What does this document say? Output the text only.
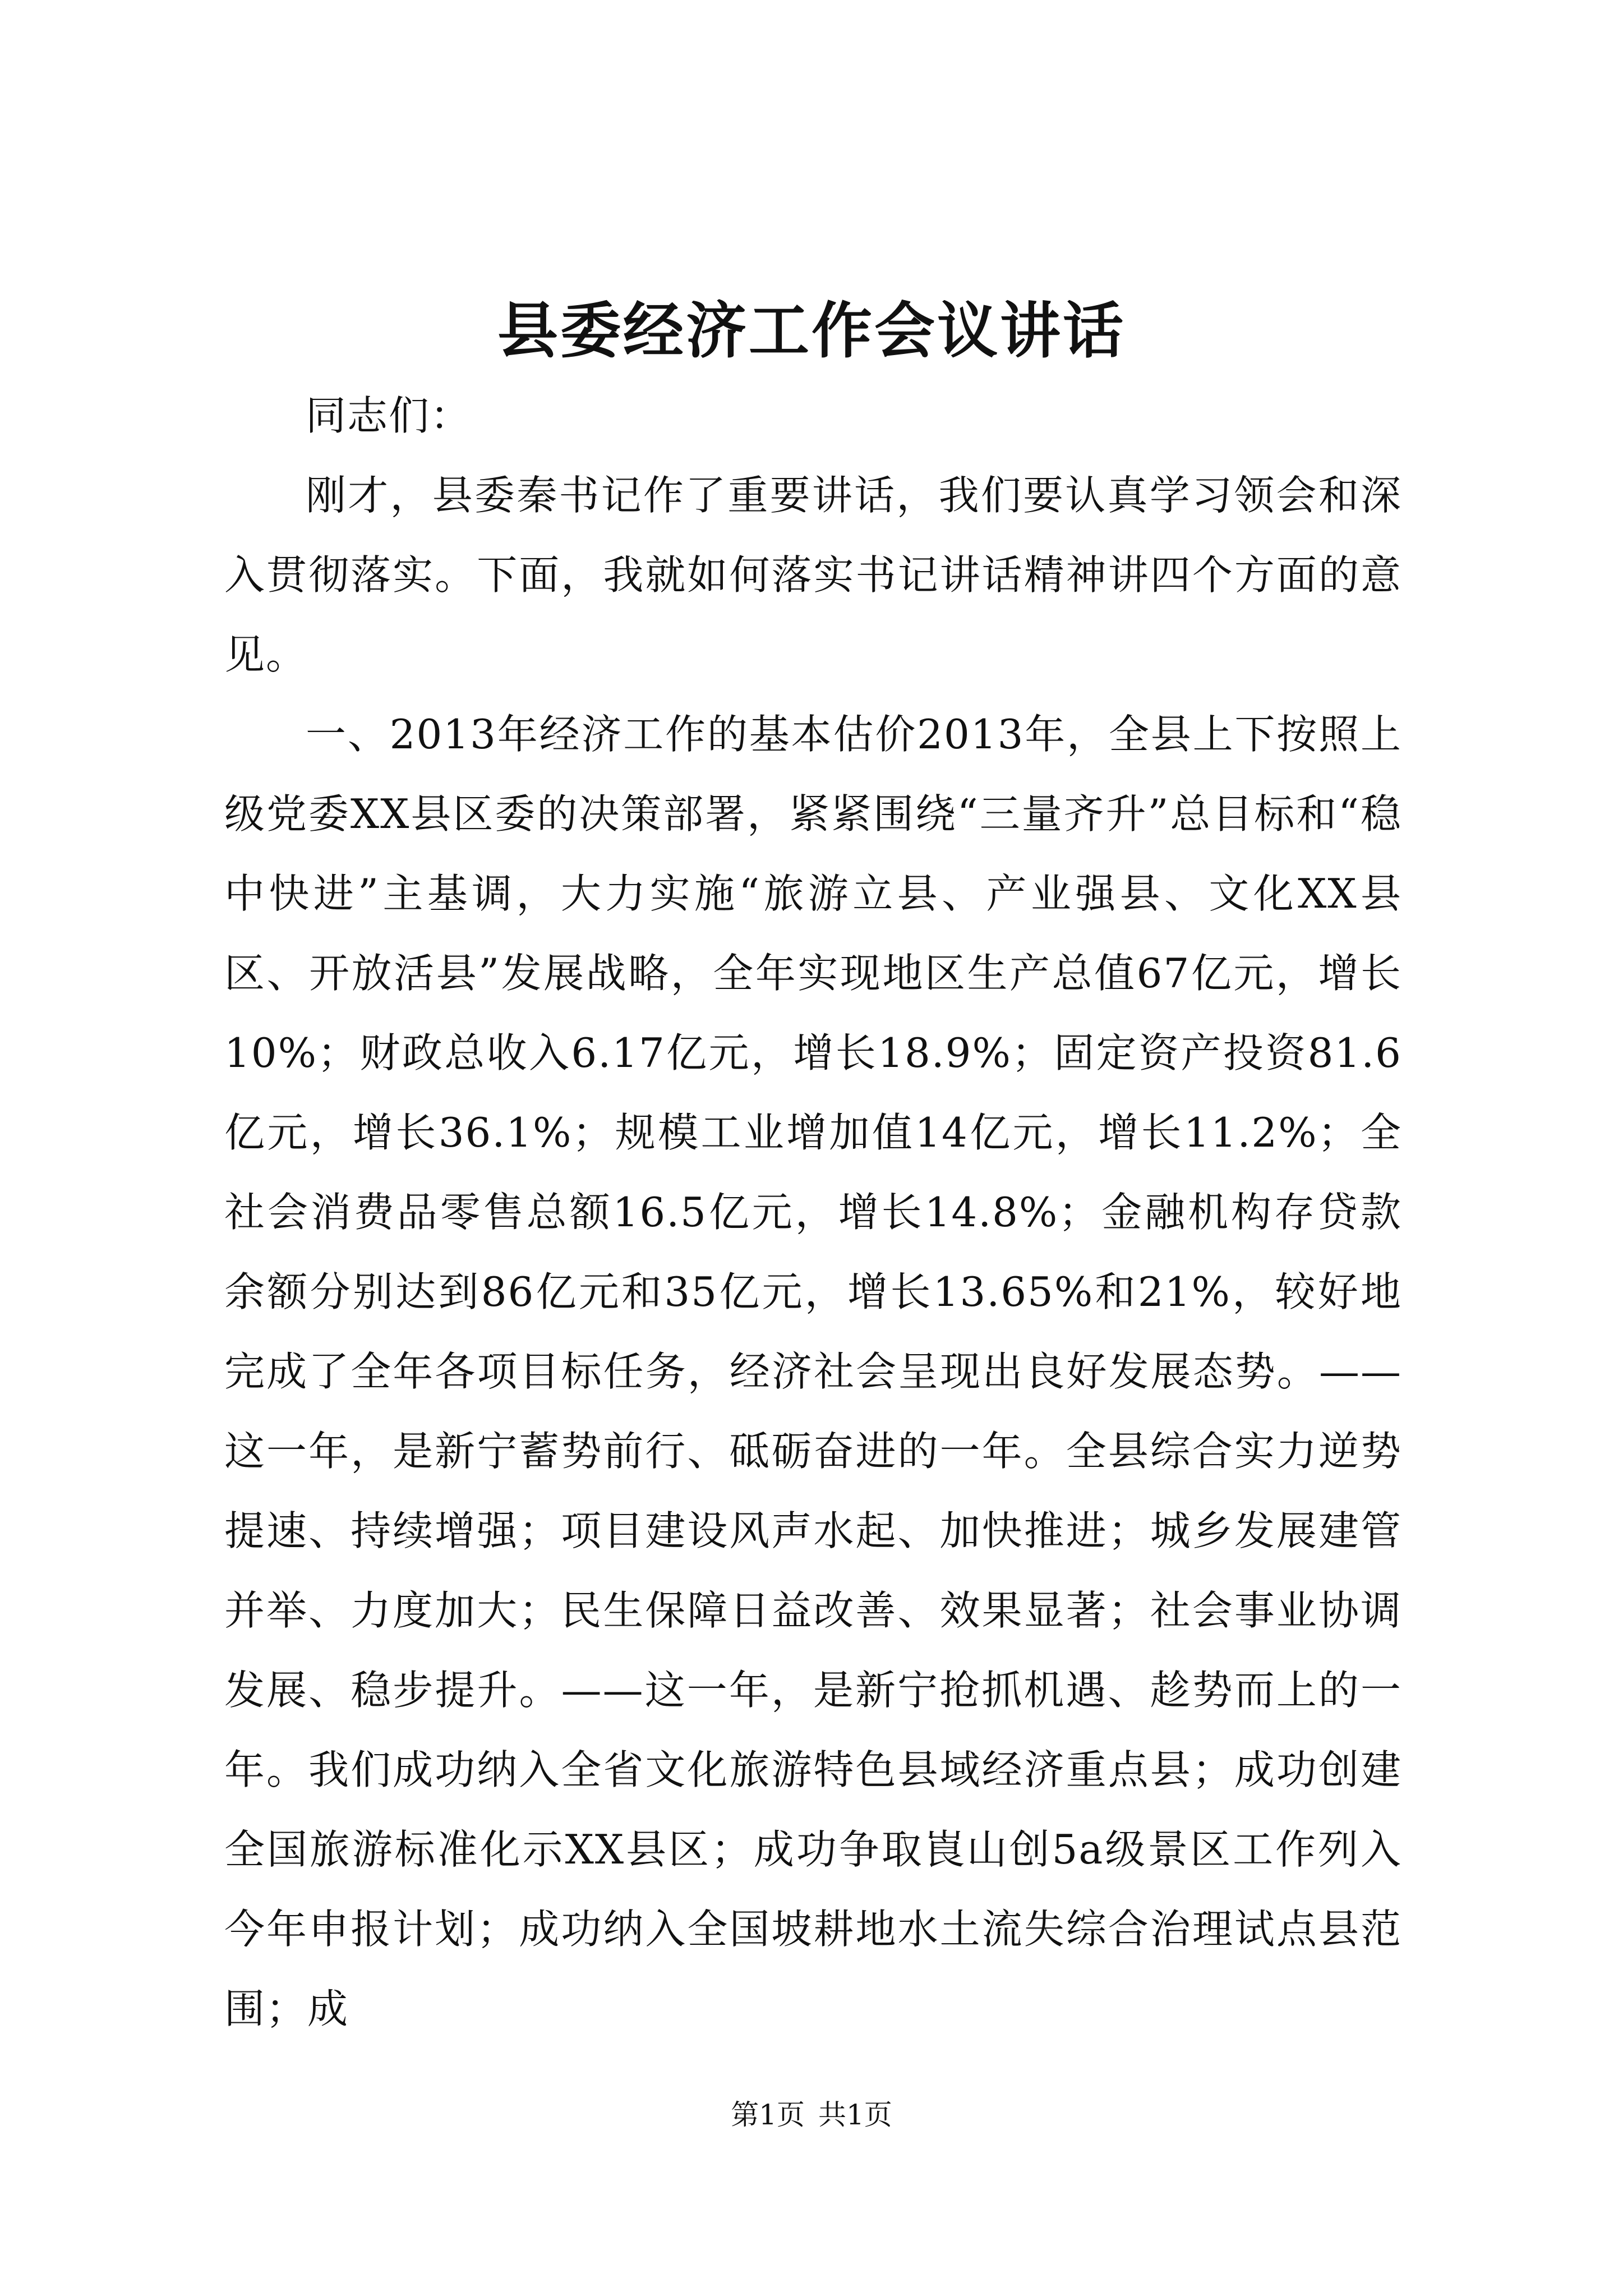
县委经济工作会议讲话

同志们：

刚才，县委秦书记作了重要讲话，我们要认真学习领会和深入贯彻落实。下面，我就如何落实书记讲话精神讲四个方面的意见。

一、2013年经济工作的基本估价2013年，全县上下按照上级党委XX县区委的决策部署，紧紧围绕“三量齐升”总目标和“稳中快进”主基调，大力实施“旅游立县、产业强县、文化XX县区、开放活县”发展战略，全年实现地区生产总值67亿元，增长10%；财政总收入6.17亿元，增长18.9%；固定资产投资81.6亿元，增长36.1%；规模工业增加值14亿元，增长11.2%；全社会消费品零售总额16.5亿元，增长14.8%；金融机构存贷款余额分别达到86亿元和35亿元，增长13.65%和21%，较好地完成了全年各项目标任务，经济社会呈现出良好发展态势。——这一年，是新宁蓄势前行、砥砺奋进的一年。全县综合实力逆势提速、持续增强；项目建设风声水起、加快推进；城乡发展建管并举、力度加大；民生保障日益改善、效果显著；社会事业协调发展、稳步提升。——这一年，是新宁抢抓机遇、趁势而上的一年。我们成功纳入全省文化旅游特色县域经济重点县；成功创建全国旅游标准化示XX县区；成功争取崀山创5a级景区工作列入今年申报计划；成功纳入全国坡耕地水土流失综合治理试点县范围；成

第1页 共1页
